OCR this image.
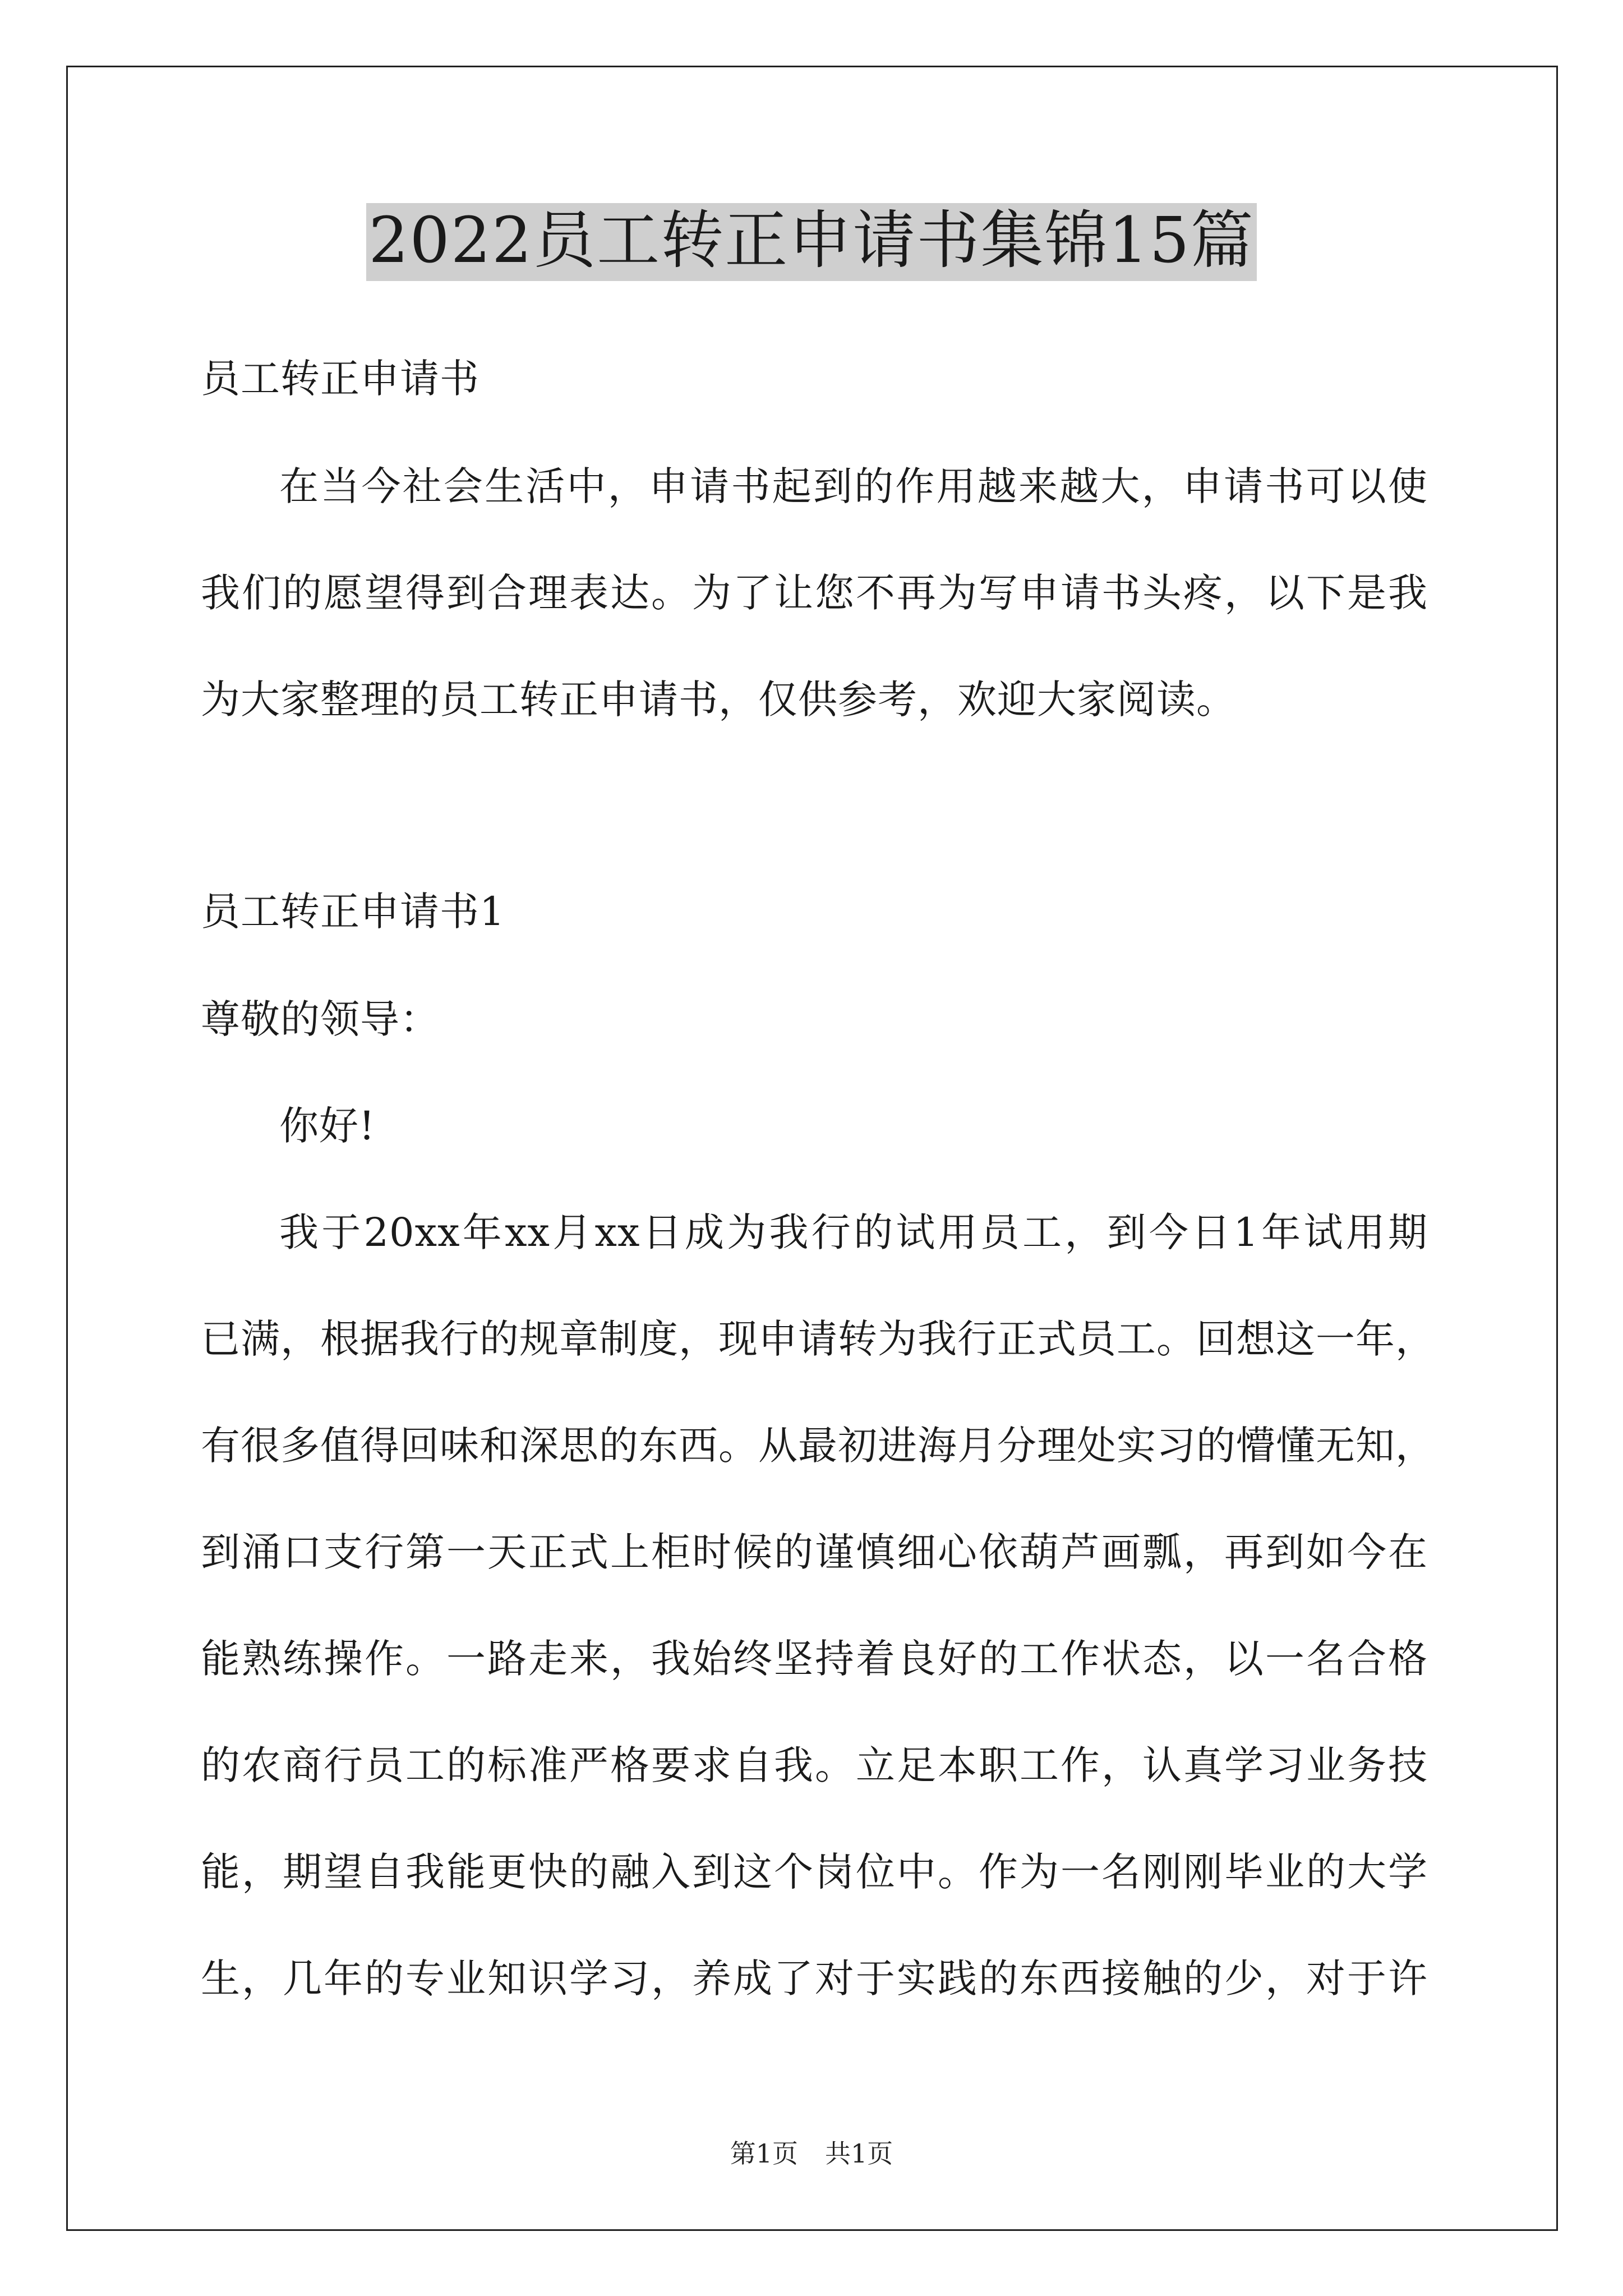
2022员工转正申请书集锦15篇

员工转正申请书

在当今社会生活中，申请书起到的作用越来越大，申请书可以使

我们的愿望得到合理表达。为了让您不再为写申请书头疼，以下是我

为大家整理的员工转正申请书，仅供参考，欢迎大家阅读。

员工转正申请书1

尊敬的领导：

你好!

我于20xx年xx月xx日成为我行的试用员工，到今日1年试用期

已满，根据我行的规章制度，现申请转为我行正式员工。回想这一年，

有很多值得回味和深思的东西。从最初进海月分理处实习的懵懂无知，

到涌口支行第一天正式上柜时候的谨慎细心依葫芦画瓢，再到如今在

能熟练操作。一路走来，我始终坚持着良好的工作状态，以一名合格

的农商行员工的标准严格要求自我。立足本职工作，认真学习业务技

能，期望自我能更快的融入到这个岗位中。作为一名刚刚毕业的大学

生，几年的专业知识学习，养成了对于实践的东西接触的少，对于许

第1页 共1页
